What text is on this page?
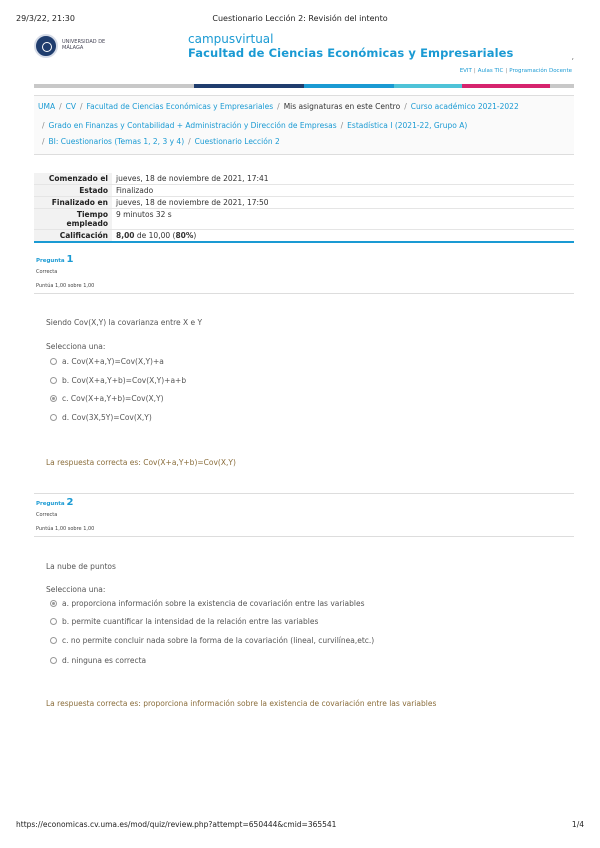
29/3/22, 21:30	Cuestionario Lección 2: Revisión del intento
UNIVERSIDAD DE MÁLAGA
campusvirtual
Facultad de Ciencias Económicas y Empresariales	,
EVIT | Aulas TIC | Programación Docente
UMA / CV / Facultad de Ciencias Económicas y Empresariales / Mis asignaturas en este Centro / Curso académico 2021-2022
/ Grado en Finanzas y Contabilidad + Administración y Dirección de Empresas / Estadística I (2021-22, Grupo A)
/ BI: Cuestionarios (Temas 1, 2, 3 y 4) / Cuestionario Lección 2
Comenzado el	jueves, 18 de noviembre de 2021, 17:41
Estado	Finalizado
Finalizado en	jueves, 18 de noviembre de 2021, 17:50
Tiempo empleado	9 minutos 32 s
Calificación	8,00 de 10,00 (80%)
Pregunta 1
Correcta
Puntúa 1,00 sobre 1,00
Siendo Cov(X,Y) la covarianza entre X e Y
Selecciona una:
a. Cov(X+a,Y)=Cov(X,Y)+a
b. Cov(X+a,Y+b)=Cov(X,Y)+a+b
c. Cov(X+a,Y+b)=Cov(X,Y)
d. Cov(3X,5Y)=Cov(X,Y)
La respuesta correcta es: Cov(X+a,Y+b)=Cov(X,Y)
Pregunta 2
Correcta
Puntúa 1,00 sobre 1,00
La nube de puntos
Selecciona una:
a. proporciona información sobre la existencia de covariación entre las variables
b. permite cuantificar la intensidad de la relación entre las variables
c. no permite concluir nada sobre la forma de la covariación (lineal, curvilínea,etc.)
d. ninguna es correcta
La respuesta correcta es: proporciona información sobre la existencia de covariación entre las variables
https://economicas.cv.uma.es/mod/quiz/review.php?attempt=650444&cmid=365541	1/4
